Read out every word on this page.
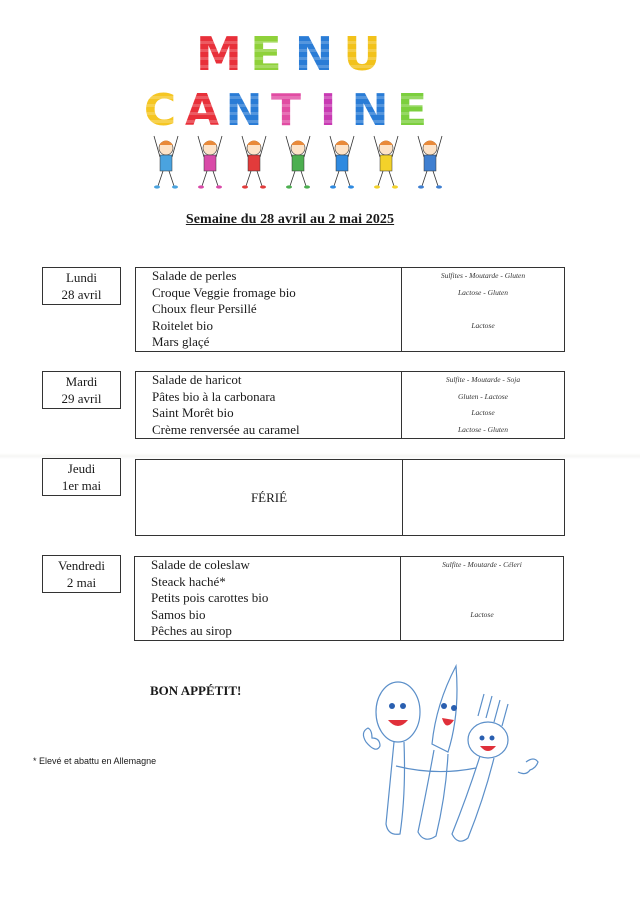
M E N U
C A N T I N E
Semaine du 28 avril au 2 mai 2025
Lundi
28 avril
Salade de perles
Croque Veggie fromage bio
Choux fleur Persillé
Roitelet bio
Mars glaçé
Sulfites - Moutarde - Gluten
Lactose - Gluten
Lactose
Mardi
29 avril
Salade de haricot
Pâtes bio à la carbonara
Saint Morêt bio
Crème renversée au caramel
Sulfite - Moutarde - Soja
Gluten - Lactose
Lactose
Lactose - Gluten
Jeudi
1er mai
FÉRIÉ
Vendredi
2 mai
Salade de coleslaw
Steack haché*
Petits pois carottes bio
Samos bio
Pêches au sirop
Sulfite - Moutarde - Céleri
Lactose
BON APPÉTIT!
* Elevé et abattu en Allemagne
